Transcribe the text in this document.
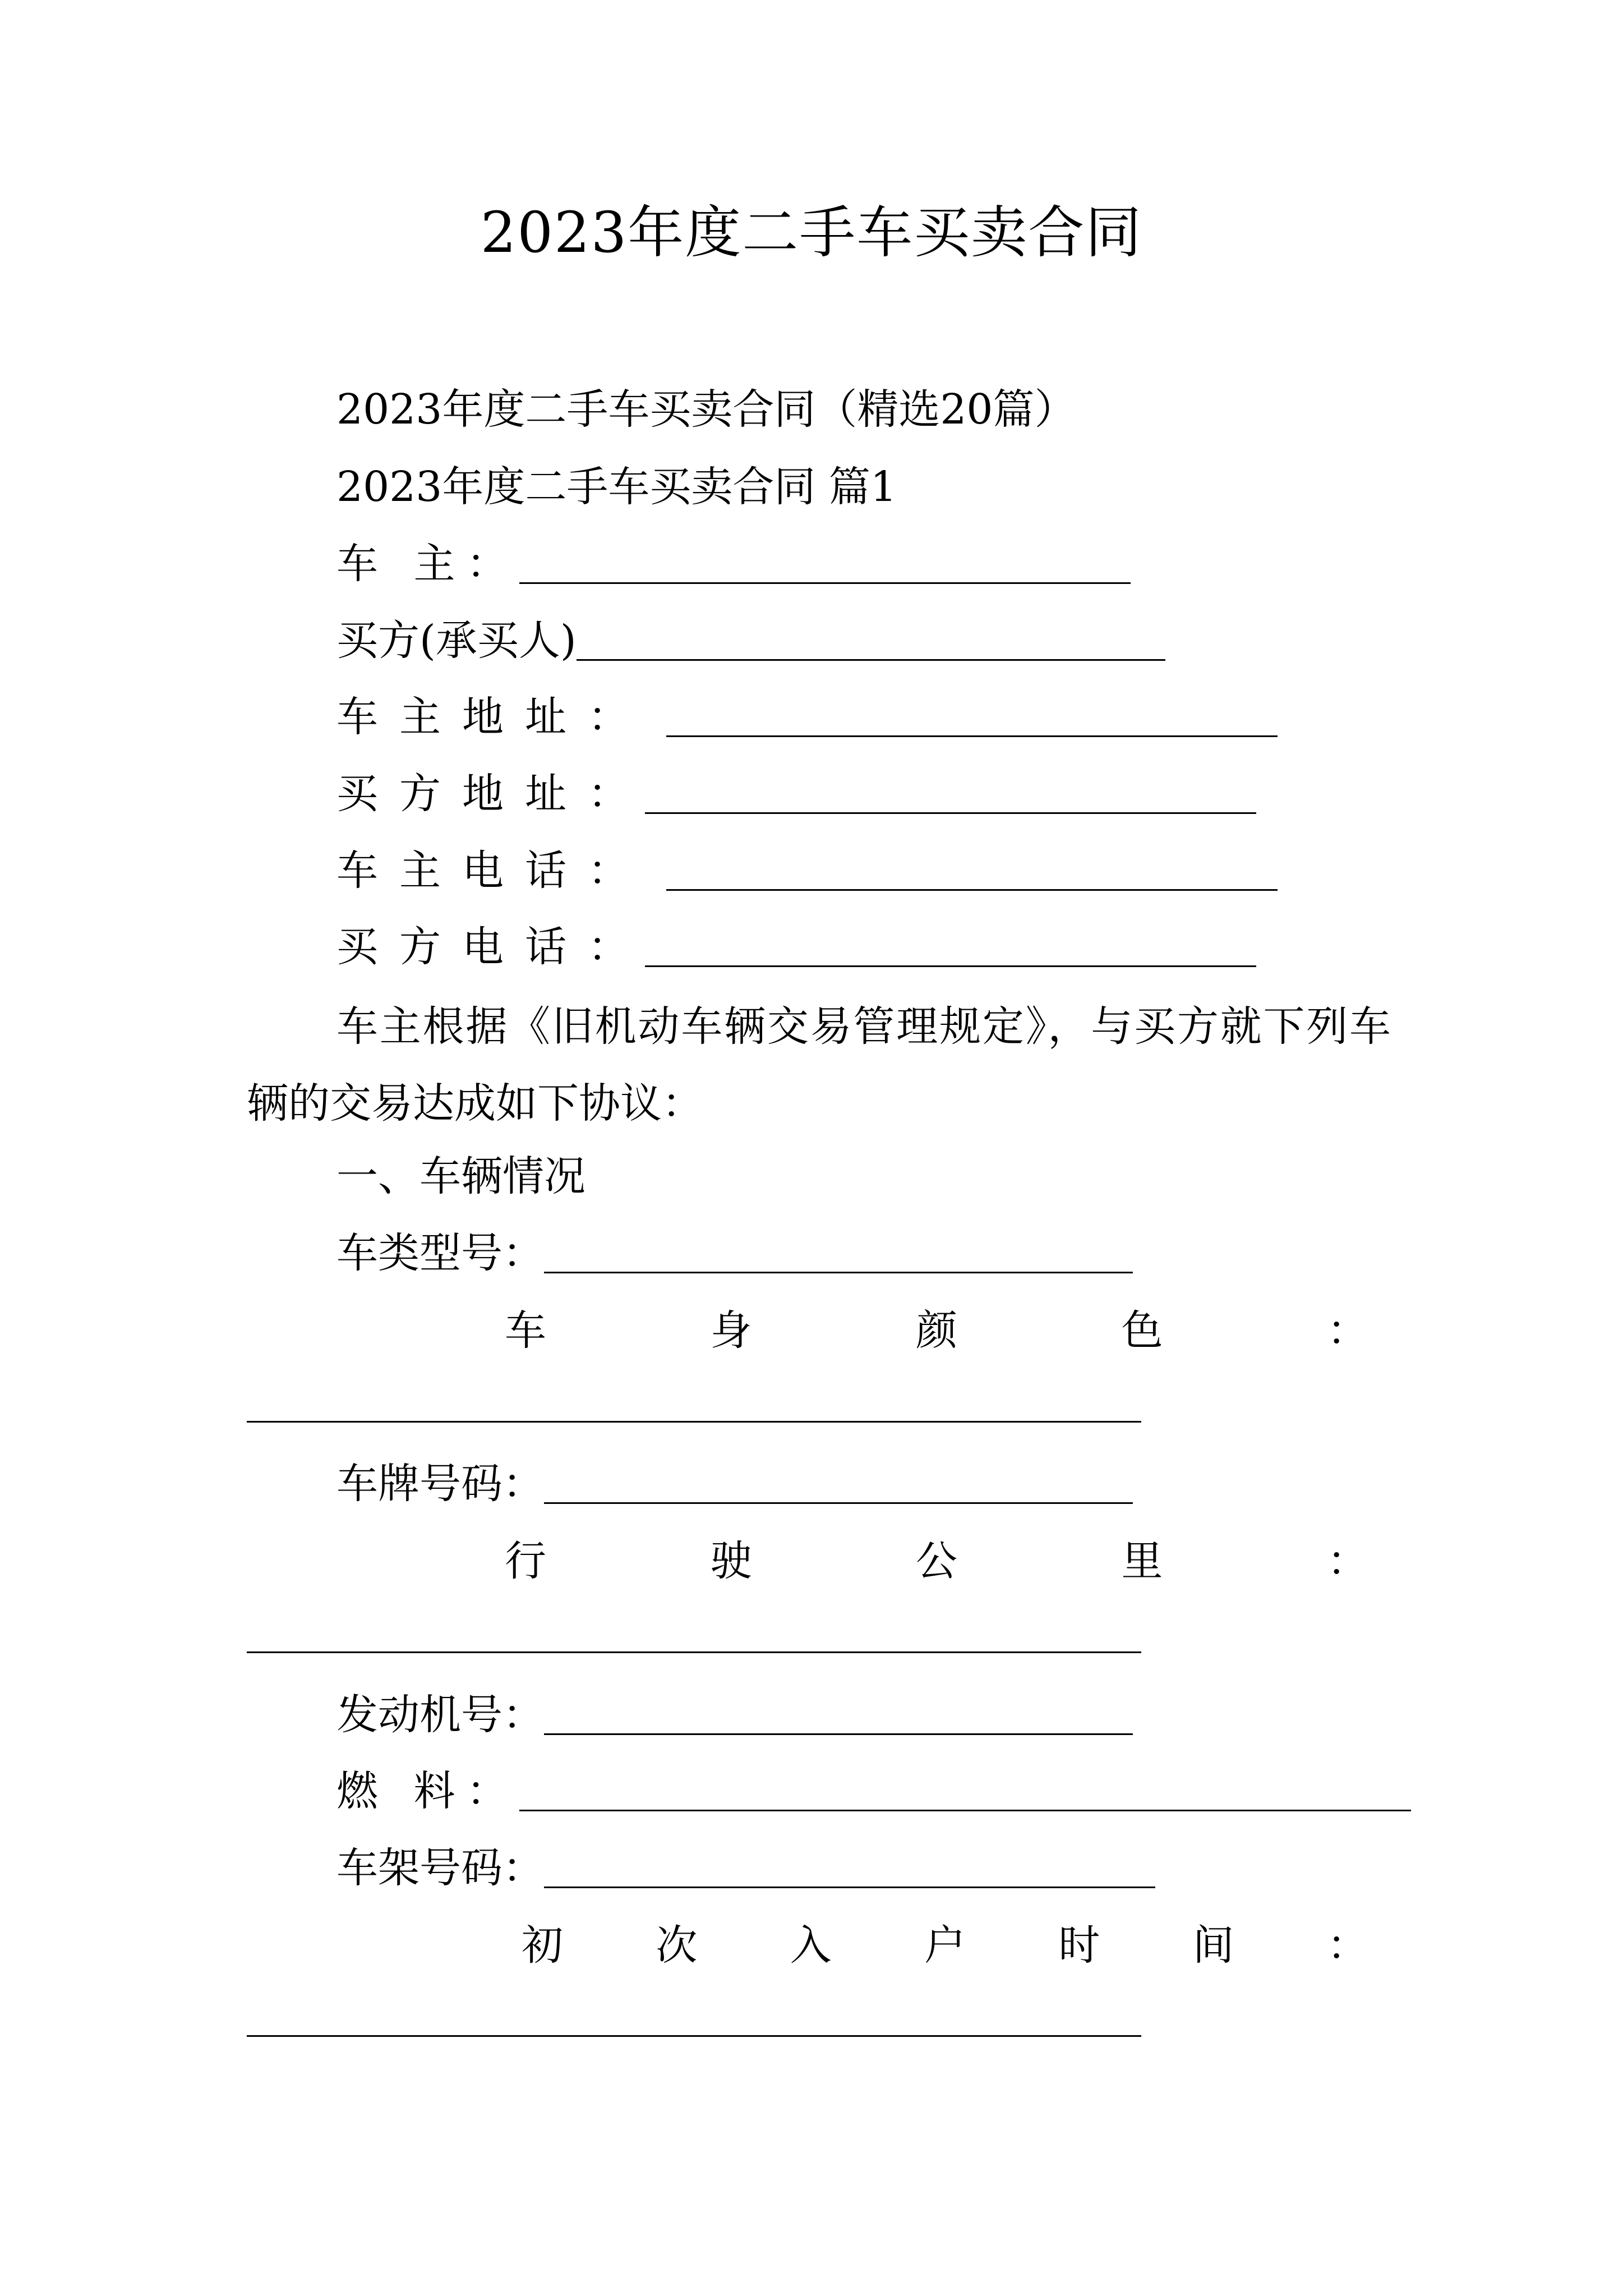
2023年度二手车买卖合同
2023年度二手车买卖合同（精选20篇）
2023年度二手车买卖合同 篇1
车 主：
买方(承买人)
车主地址：
买方地址：
车主电话：
买方电话：
车主根据《旧机动车辆交易管理规定》，与买方就下列车辆的交易达成如下协议：
一、车辆情况
车类型号：
车	身	颜	色	：
车牌号码：
行	驶	公	里	：
发动机号：
燃 料：
车架号码：
初 次 入 户 时 间 ：
